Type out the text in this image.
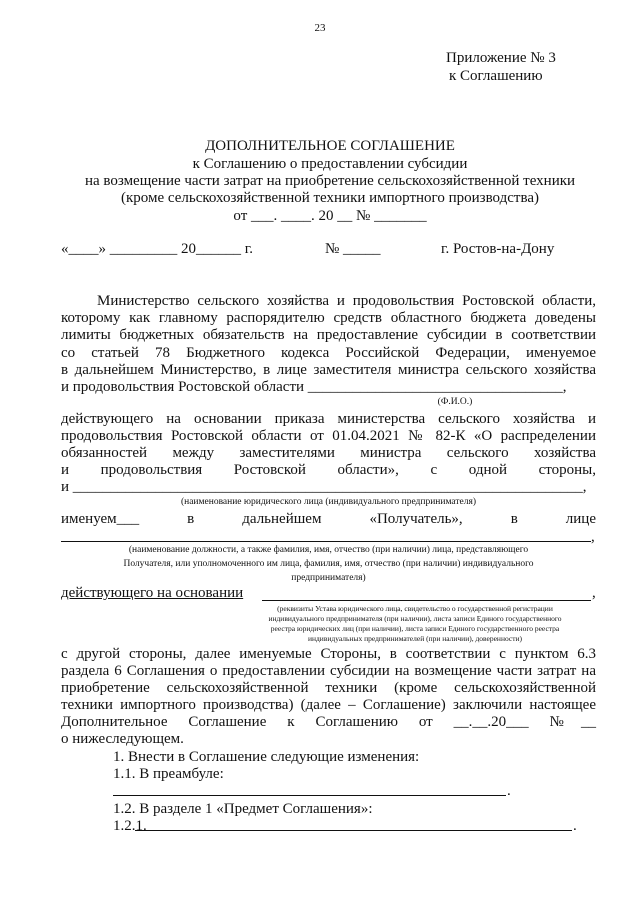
23
Приложение № 3
к Соглашению
ДОПОЛНИТЕЛЬНОЕ СОГЛАШЕНИЕ
к Соглашению о предоставлении субсидии
на возмещение части затрат на приобретение сельскохозяйственной техники
(кроме сельскохозяйственной техники импортного производства)
от ___. ____. 20 __ № _______
«____» _________ 20______ г.	№ _____	г. Ростов-на-Дону
Министерство сельского хозяйства и продовольствия Ростовской области,
которому как главному распорядителю средств областного бюджета доведены
лимиты бюджетных обязательств на предоставление субсидии в соответствии
со статьей 78 Бюджетного кодекса Российской Федерации, именуемое
в дальнейшем Министерство, в лице заместителя министра сельского хозяйства
и продовольствия Ростовской области __________________________________,
(Ф.И.О.)
действующего на основании приказа министерства сельского хозяйства и
продовольствия Ростовской области от 01.04.2021 № 82-К «О распределении
обязанностей между заместителями министра сельского хозяйства
и продовольствия Ростовской области», с одной стороны,
и ____________________________________________________________________,
(наименование юридического лица (индивидуального предпринимателя)
именуем___ в дальнейшем «Получатель», в лице
,
(наименование должности, а также фамилия, имя, отчество (при наличии) лица, представляющего
Получателя, или уполномоченного им лица, фамилия, имя, отчество (при наличии) индивидуального
предпринимателя)
действующего на основании	,
(реквизиты Устава юридического лица, свидетельство о государственной регистрации
индивидуального предпринимателя (при наличии), листа записи Единого государственного
реестра юридических лиц (при наличии), листа записи Единого государственного реестра
индивидуальных предпринимателей (при наличии), доверенности)
с другой стороны, далее именуемые Стороны, в соответствии с пунктом 6.3
раздела 6 Соглашения о предоставлении субсидии на возмещение части затрат на
приобретение сельскохозяйственной техники (кроме сельскохозяйственной
техники импортного производства) (далее – Соглашение) заключили настоящее
Дополнительное Соглашение к Соглашению от __.__.20___ №__
о нижеследующем.
1. Внести в Соглашение следующие изменения:
1.1. В преамбуле:
.
1.2. В разделе 1 «Предмет Соглашения»:
1.2.1.	.
